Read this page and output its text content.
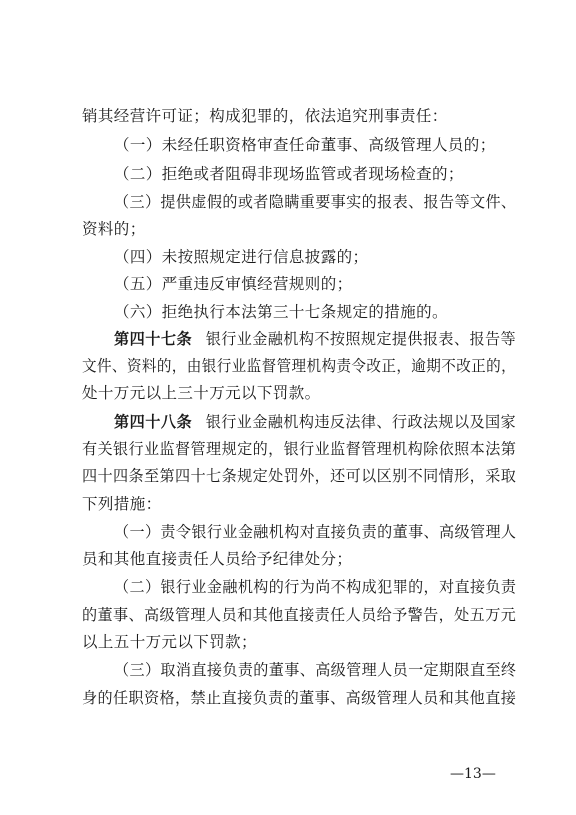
销其经营许可证；构成犯罪的，依法追究刑事责任：
（一）未经任职资格审查任命董事、高级管理人员的；
（二）拒绝或者阻碍非现场监管或者现场检查的；
（三）提供虚假的或者隐瞒重要事实的报表、报告等文件、
资料的；
（四）未按照规定进行信息披露的；
（五）严重违反审慎经营规则的；
（六）拒绝执行本法第三十七条规定的措施的。
第四十七条 银行业金融机构不按照规定提供报表、报告等
文件、资料的，由银行业监督管理机构责令改正，逾期不改正的，
处十万元以上三十万元以下罚款。
第四十八条 银行业金融机构违反法律、行政法规以及国家
有关银行业监督管理规定的，银行业监督管理机构除依照本法第
四十四条至第四十七条规定处罚外，还可以区别不同情形，采取
下列措施：
（一）责令银行业金融机构对直接负责的董事、高级管理人
员和其他直接责任人员给予纪律处分；
（二）银行业金融机构的行为尚不构成犯罪的，对直接负责
的董事、高级管理人员和其他直接责任人员给予警告，处五万元
以上五十万元以下罚款；
（三）取消直接负责的董事、高级管理人员一定期限直至终
身的任职资格，禁止直接负责的董事、高级管理人员和其他直接
—13—
